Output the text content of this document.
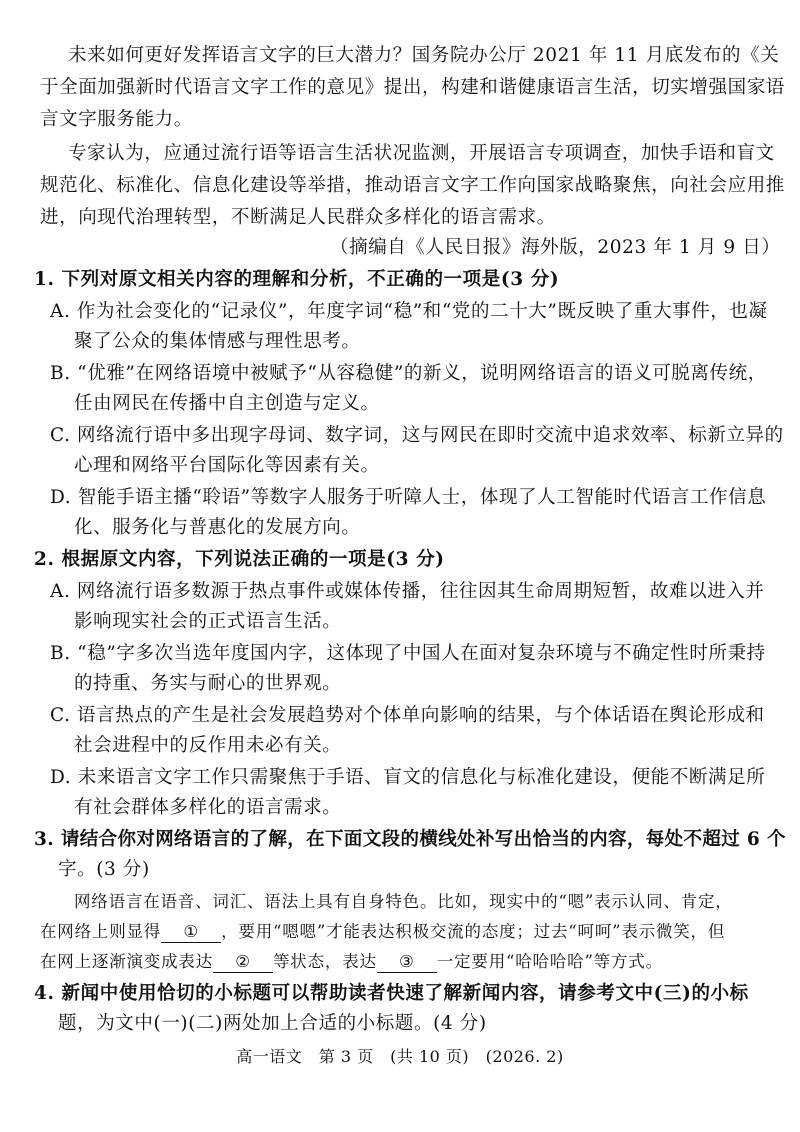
未来如何更好发挥语言文字的巨大潜力？国务院办公厅 2021 年 11 月底发布的《关
于全面加强新时代语言文字工作的意见》提出，构建和谐健康语言生活，切实增强国家语
言文字服务能力。
专家认为，应通过流行语等语言生活状况监测，开展语言专项调查，加快手语和盲文
规范化、标准化、信息化建设等举措，推动语言文字工作向国家战略聚焦，向社会应用推
进，向现代治理转型，不断满足人民群众多样化的语言需求。
（摘编自《人民日报》海外版，2023 年 1 月 9 日）
1. 下列对原文相关内容的理解和分析，不正确的一项是(3 分)
A. 作为社会变化的“记录仪”，年度字词“稳”和“党的二十大”既反映了重大事件，也凝
聚了公众的集体情感与理性思考。
B. “优雅”在网络语境中被赋予“从容稳健”的新义，说明网络语言的语义可脱离传统，
任由网民在传播中自主创造与定义。
C. 网络流行语中多出现字母词、数字词，这与网民在即时交流中追求效率、标新立异的
心理和网络平台国际化等因素有关。
D. 智能手语主播“聆语”等数字人服务于听障人士，体现了人工智能时代语言工作信息
化、服务化与普惠化的发展方向。
2. 根据原文内容，下列说法正确的一项是(3 分)
A. 网络流行语多数源于热点事件或媒体传播，往往因其生命周期短暂，故难以进入并
影响现实社会的正式语言生活。
B. “稳”字多次当选年度国内字，这体现了中国人在面对复杂环境与不确定性时所秉持
的持重、务实与耐心的世界观。
C. 语言热点的产生是社会发展趋势对个体单向影响的结果，与个体话语在舆论形成和
社会进程中的反作用未必有关。
D. 未来语言文字工作只需聚焦于手语、盲文的信息化与标准化建设，便能不断满足所
有社会群体多样化的语言需求。
3. 请结合你对网络语言的了解，在下面文段的横线处补写出恰当的内容，每处不超过 6 个
字。(3 分)
网络语言在语音、词汇、语法上具有自身特色。比如，现实中的“嗯”表示认同、肯定，
在网络上则显得 ① ，要用“嗯嗯”才能表达积极交流的态度；过去“呵呵”表示微笑，但
在网上逐渐演变成表达 ② 等状态，表达 ③ 一定要用“哈哈哈哈”等方式。
4. 新闻中使用恰切的小标题可以帮助读者快速了解新闻内容，请参考文中(三)的小标
题，为文中(一)(二)两处加上合适的小标题。(4 分)
高一语文　第 3 页　(共 10 页)　(2026. 2)
